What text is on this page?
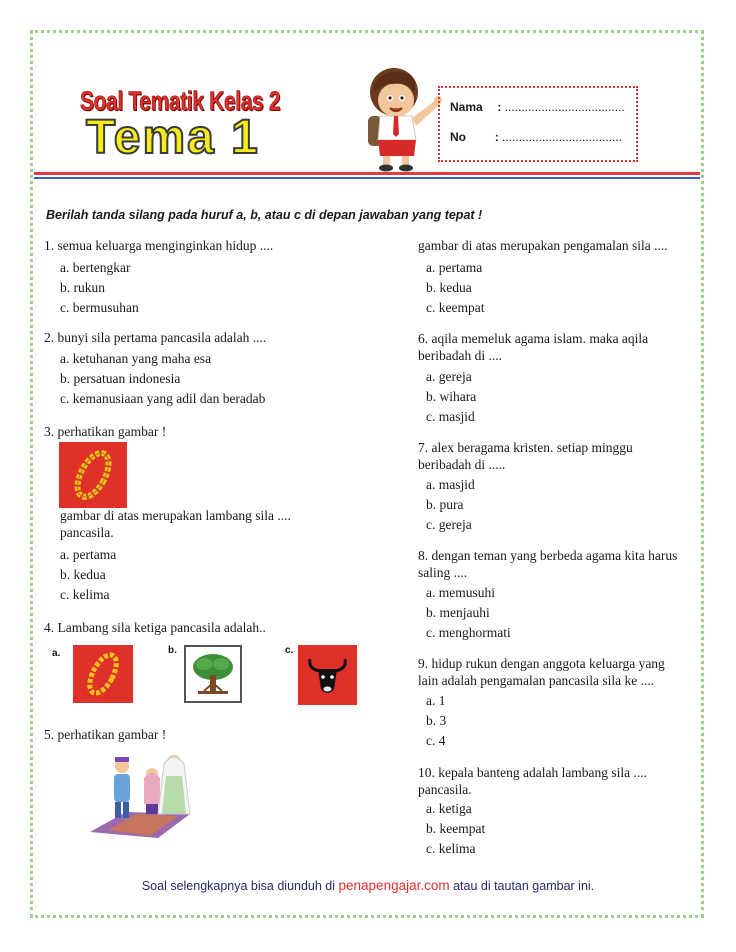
Soal Tematik Kelas 2
Tema 1
Nama : ....................................
No : ....................................
Berilah tanda silang pada huruf a, b, atau c di depan jawaban yang tepat !
1. semua keluarga menginginkan hidup ....
a. bertengkar
b. rukun
c. bermusuhan
2. bunyi sila pertama pancasila adalah ....
a. ketuhanan yang maha esa
b. persatuan indonesia
c. kemanusiaan yang adil dan beradab
3. perhatikan gambar !
gambar di atas merupakan lambang sila ....
pancasila.
a. pertama
b. kedua
c. kelima
4. Lambang sila ketiga pancasila adalah..
a.	b.	c.
5. perhatikan gambar !
gambar di atas merupakan pengamalan sila ....
a. pertama
b. kedua
c. keempat
6. aqila memeluk agama islam. maka aqila
beribadah di ....
a. gereja
b. wihara
c. masjid
7. alex beragama kristen. setiap minggu
beribadah di .....
a. masjid
b. pura
c. gereja
8. dengan teman yang berbeda agama kita harus
saling ....
a. memusuhi
b. menjauhi
c. menghormati
9. hidup rukun dengan anggota keluarga yang
lain adalah pengamalan pancasila sila ke ....
a. 1
b. 3
c. 4
10. kepala banteng adalah lambang sila ....
pancasila.
a. ketiga
b. keempat
c. kelima
Soal selengkapnya bisa diunduh di penapengajar.com atau di tautan gambar ini.
